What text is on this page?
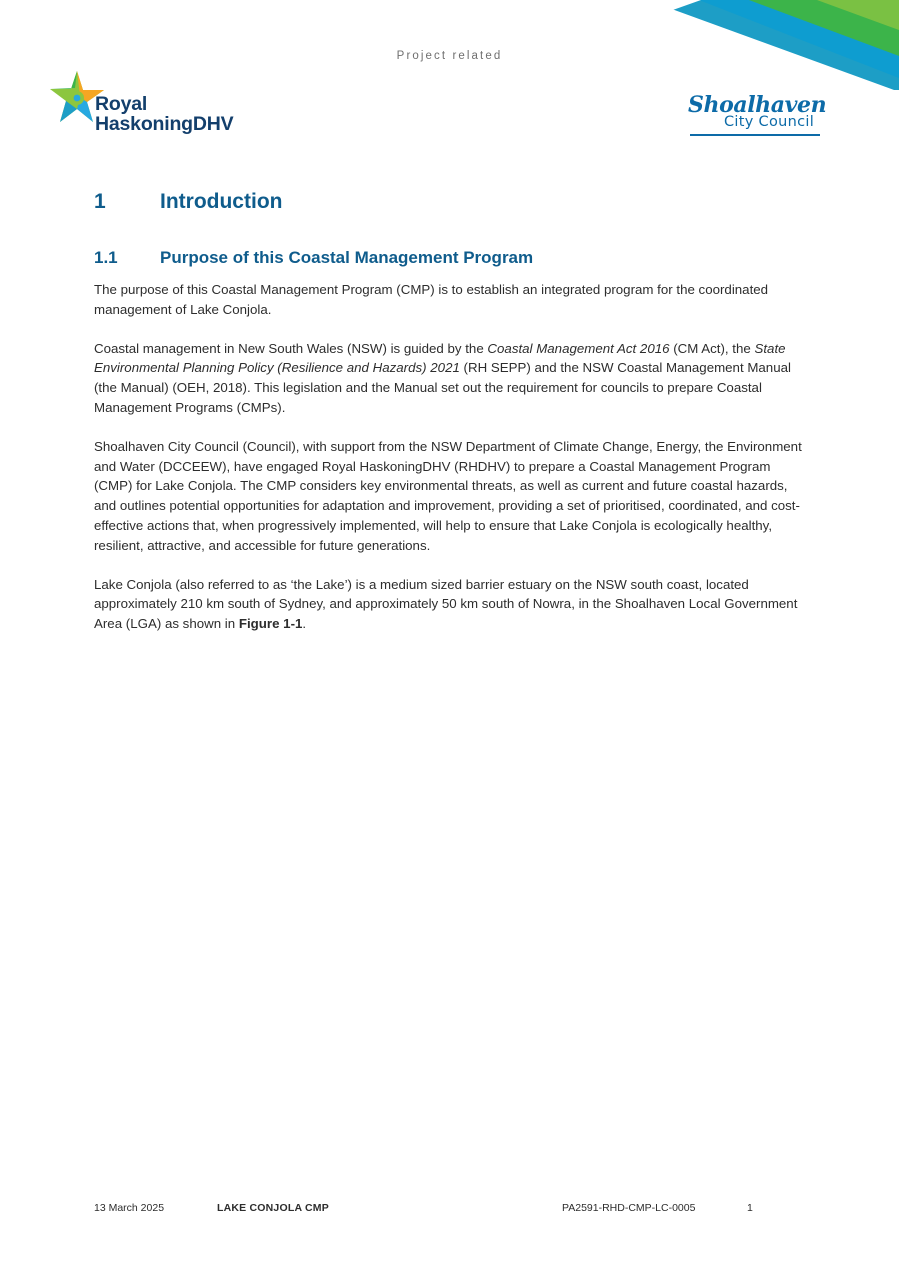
Project related
Royal
HaskoningDHV
Shoalhaven
City Council
1	Introduction
1.1	Purpose of this Coastal Management Program

The purpose of this Coastal Management Program (CMP) is to establish an integrated program for the coordinated management of Lake Conjola.

Coastal management in New South Wales (NSW) is guided by the Coastal Management Act 2016 (CM Act), the State Environmental Planning Policy (Resilience and Hazards) 2021 (RH SEPP) and the NSW Coastal Management Manual (the Manual) (OEH, 2018). This legislation and the Manual set out the requirement for councils to prepare Coastal Management Programs (CMPs).

Shoalhaven City Council (Council), with support from the NSW Department of Climate Change, Energy, the Environment and Water (DCCEEW), have engaged Royal HaskoningDHV (RHDHV) to prepare a Coastal Management Program (CMP) for Lake Conjola. The CMP considers key environmental threats, as well as current and future coastal hazards, and outlines potential opportunities for adaptation and improvement, providing a set of prioritised, coordinated, and cost-effective actions that, when progressively implemented, will help to ensure that Lake Conjola is ecologically healthy, resilient, attractive, and accessible for future generations.

Lake Conjola (also referred to as ‘the Lake’) is a medium sized barrier estuary on the NSW south coast, located approximately 210 km south of Sydney, and approximately 50 km south of Nowra, in the Shoalhaven Local Government Area (LGA) as shown in Figure 1-1.

13 March 2025	LAKE CONJOLA CMP	PA2591-RHD-CMP-LC-0005	1
